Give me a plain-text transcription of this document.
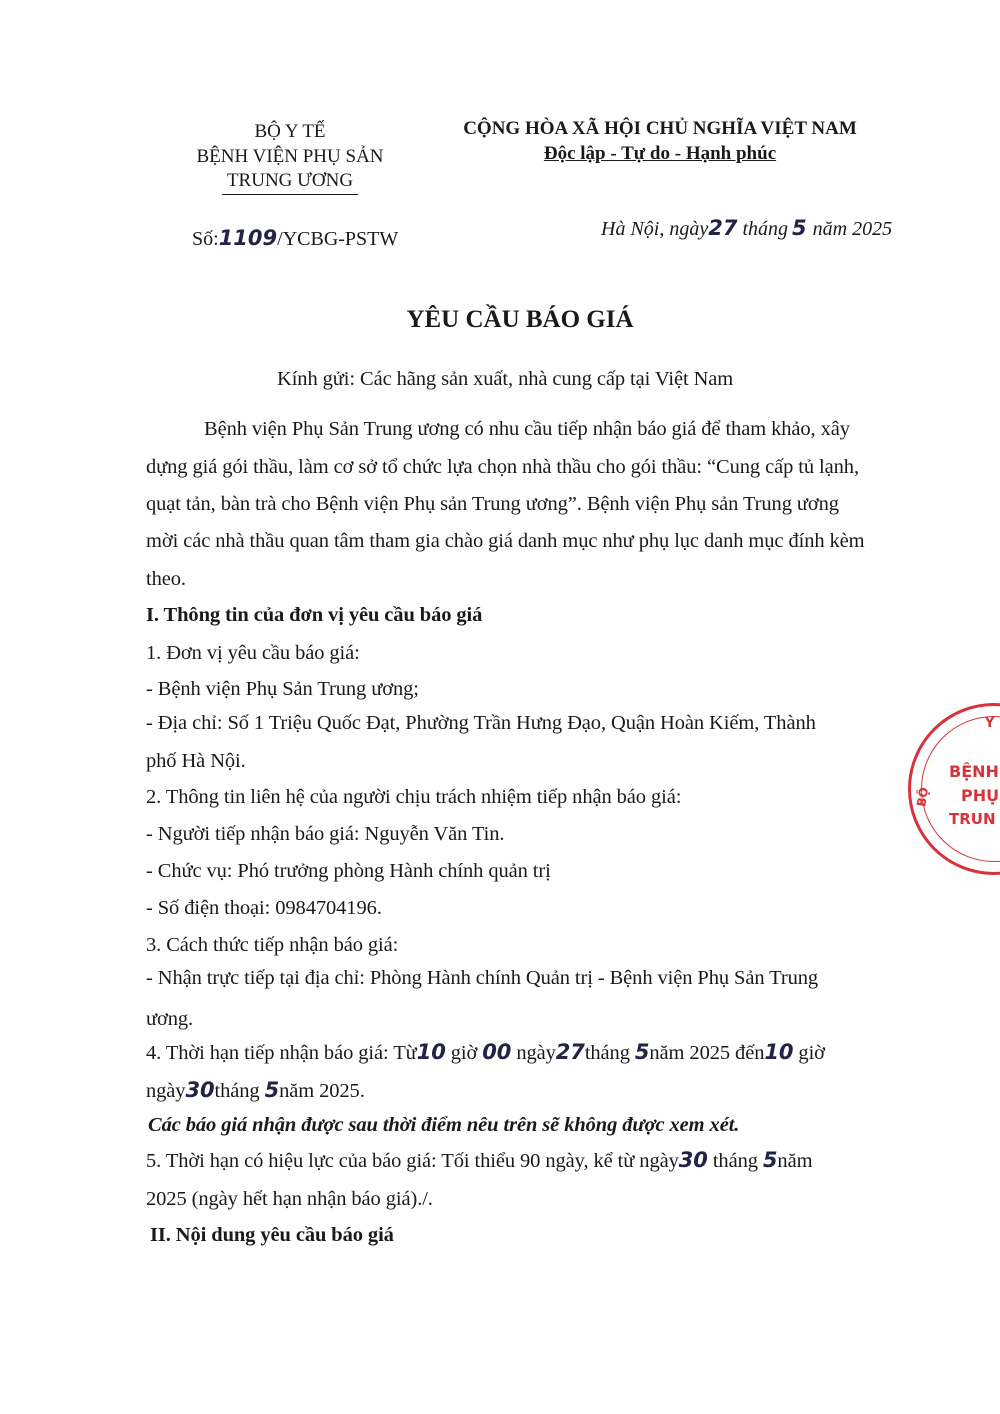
BỘ Y TẾ
BỆNH VIỆN PHỤ SẢN
TRUNG ƯƠNG
Số:1109/YCBG-PSTW
CỘNG HÒA XÃ HỘI CHỦ NGHĨA VIỆT NAM
Độc lập - Tự do - Hạnh phúc
Hà Nội, ngày27 tháng 5 năm 2025
YÊU CẦU BÁO GIÁ
Kính gửi: Các hãng sản xuất, nhà cung cấp tại Việt Nam
Bệnh viện Phụ Sản Trung ương có nhu cầu tiếp nhận báo giá để tham khảo, xây
dựng giá gói thầu, làm cơ sở tổ chức lựa chọn nhà thầu cho gói thầu: “Cung cấp tủ lạnh,
quạt tản, bàn trà cho Bệnh viện Phụ sản Trung ương”. Bệnh viện Phụ sản Trung ương
mời các nhà thầu quan tâm tham gia chào giá danh mục như phụ lục danh mục đính kèm
theo.
I. Thông tin của đơn vị yêu cầu báo giá
1. Đơn vị yêu cầu báo giá:
- Bệnh viện Phụ Sản Trung ương;
- Địa chỉ: Số 1 Triệu Quốc Đạt, Phường Trần Hưng Đạo, Quận Hoàn Kiếm, Thành
phố Hà Nội.
2. Thông tin liên hệ của người chịu trách nhiệm tiếp nhận báo giá:
- Người tiếp nhận báo giá: Nguyễn Văn Tin.
- Chức vụ: Phó trưởng phòng Hành chính quản trị
- Số điện thoại: 0984704196.
3. Cách thức tiếp nhận báo giá:
- Nhận trực tiếp tại địa chỉ: Phòng Hành chính Quản trị - Bệnh viện Phụ Sản Trung
ương.
4. Thời hạn tiếp nhận báo giá: Từ10 giờ 00 ngày27tháng 5năm 2025 đến10 giờ
ngày30tháng 5năm 2025.
Các báo giá nhận được sau thời điểm nêu trên sẽ không được xem xét.
5. Thời hạn có hiệu lực của báo giá: Tối thiểu 90 ngày, kể từ ngày30 tháng 5năm
2025 (ngày hết hạn nhận báo giá)./.
II. Nội dung yêu cầu báo giá
BỆNH
PHỤ
TRUN
BỘ
Y
